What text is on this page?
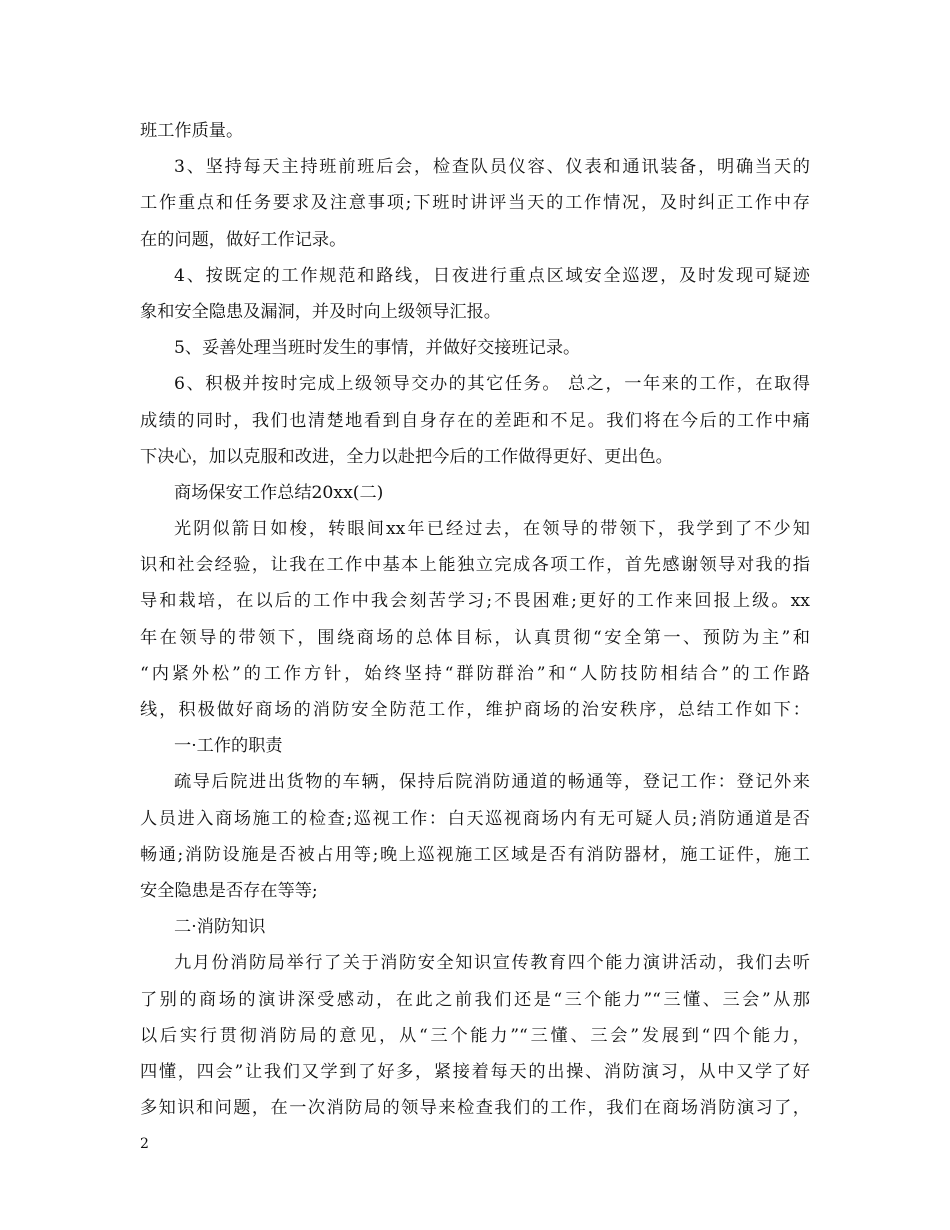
班工作质量。
3、坚持每天主持班前班后会，检查队员仪容、仪表和通讯装备，明确当天的
工作重点和任务要求及注意事项;下班时讲评当天的工作情况，及时纠正工作中存
在的问题，做好工作记录。
4、按既定的工作规范和路线，日夜进行重点区域安全巡逻，及时发现可疑迹
象和安全隐患及漏洞，并及时向上级领导汇报。
5、妥善处理当班时发生的事情，并做好交接班记录。
6、积极并按时完成上级领导交办的其它任务。 总之，一年来的工作，在取得
成绩的同时，我们也清楚地看到自身存在的差距和不足。我们将在今后的工作中痛
下决心，加以克服和改进，全力以赴把今后的工作做得更好、更出色。
商场保安工作总结20xx(二)
光阴似箭日如梭，转眼间xx年已经过去，在领导的带领下，我学到了不少知
识和社会经验，让我在工作中基本上能独立完成各项工作，首先感谢领导对我的指
导和栽培，在以后的工作中我会刻苦学习;不畏困难;更好的工作来回报上级。xx
年在领导的带领下，围绕商场的总体目标，认真贯彻“安全第一、预防为主”和
“内紧外松”的工作方针，始终坚持“群防群治”和“人防技防相结合”的工作路
线，积极做好商场的消防安全防范工作，维护商场的治安秩序，总结工作如下：
一·工作的职责
疏导后院进出货物的车辆，保持后院消防通道的畅通等，登记工作：登记外来
人员进入商场施工的检查;巡视工作：白天巡视商场内有无可疑人员;消防通道是否
畅通;消防设施是否被占用等;晚上巡视施工区域是否有消防器材，施工证件，施工
安全隐患是否存在等等;
二·消防知识
九月份消防局举行了关于消防安全知识宣传教育四个能力演讲活动，我们去听
了别的商场的演讲深受感动，在此之前我们还是“三个能力”“三懂、三会”从那
以后实行贯彻消防局的意见，从“三个能力”“三懂、三会”发展到“四个能力，
四懂，四会”让我们又学到了好多，紧接着每天的出操、消防演习，从中又学了好
多知识和问题，在一次消防局的领导来检查我们的工作，我们在商场消防演习了，
2
